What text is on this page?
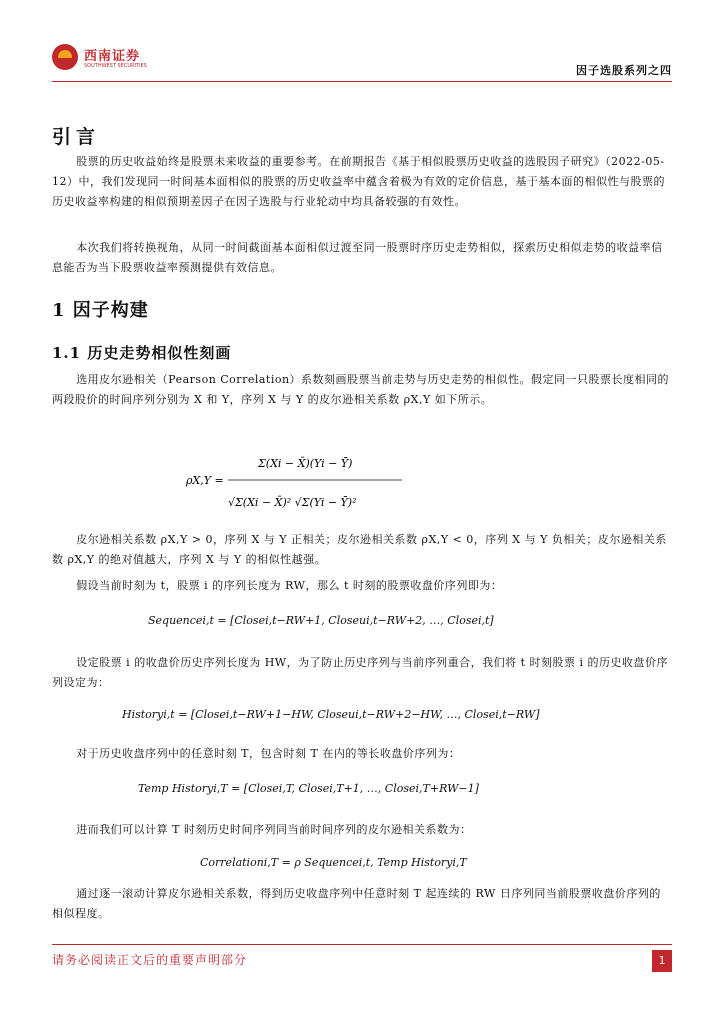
西南证券
SOUTHWEST SECURITIES	因子选股系列之四
引言
股票的历史收益始终是股票未来收益的重要参考。在前期报告《基于相似股票历史收益的选股因子研究》（2022-05-12）中，我们发现同一时间基本面相似的股票的历史收益率中蕴含着极为有效的定价信息，基于基本面的相似性与股票的历史收益率构建的相似预期差因子在因子选股与行业轮动中均具备较强的有效性。
本次我们将转换视角，从同一时间截面基本面相似过渡至同一股票时序历史走势相似，探索历史相似走势的收益率信息能否为当下股票收益率预测提供有效信息。
1 因子构建
1.1 历史走势相似性刻画
选用皮尔逊相关（Pearson Correlation）系数刻画股票当前走势与历史走势的相似性。假定同一只股票长度相同的两段股价的时间序列分别为 X 和 Y，序列 X 与 Y 的皮尔逊相关系数 ρX,Y 如下所示。
ρX,Y =
Σ(Xi − X̄)(Yi − Ȳ)
√Σ(Xi − X̄)² √Σ(Yi − Ȳ)²
皮尔逊相关系数 ρX,Y > 0，序列 X 与 Y 正相关；皮尔逊相关系数 ρX,Y < 0，序列 X 与 Y 负相关；皮尔逊相关系数 ρX,Y 的绝对值越大，序列 X 与 Y 的相似性越强。
假设当前时刻为 t，股票 i 的序列长度为 RW，那么 t 时刻的股票收盘价序列即为：
Sequencei,t = [Closei,t−RW+1, Closeui,t−RW+2, …, Closei,t]
设定股票 i 的收盘价历史序列长度为 HW，为了防止历史序列与当前序列重合，我们将 t 时刻股票 i 的历史收盘价序列设定为：
Historyi,t = [Closei,t−RW+1−HW, Closeui,t−RW+2−HW, …, Closei,t−RW]
对于历史收盘序列中的任意时刻 T，包含时刻 T 在内的等长收盘价序列为：
Temp Historyi,T = [Closei,T, Closei,T+1, …, Closei,T+RW−1]
进而我们可以计算 T 时刻历史时间序列同当前时间序列的皮尔逊相关系数为：
Correlationi,T = ρ Sequencei,t, Temp Historyi,T
通过逐一滚动计算皮尔逊相关系数，得到历史收盘序列中任意时刻 T 起连续的 RW 日序列同当前股票收盘价序列的相似程度。
请务必阅读正文后的重要声明部分	1
